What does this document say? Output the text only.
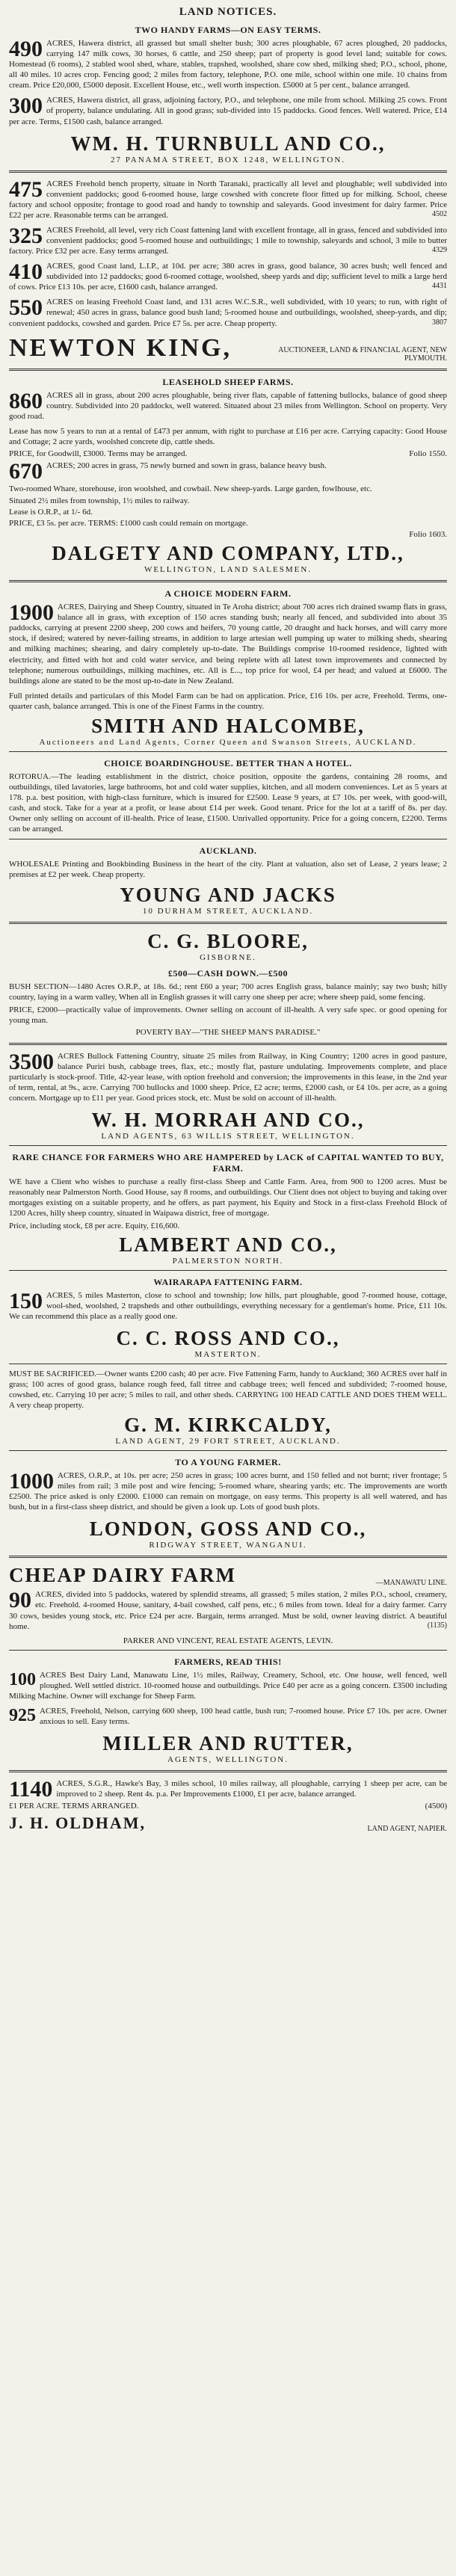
LAND NOTICES.
TWO HANDY FARMS—ON EASY TERMS.
490 ACRES, Hawera district, all grassed but small shelter bush; 300 acres ploughable, 67 acres ploughed, 20 paddocks, carrying 147 milk cows, 30 horses, 6 cattle, and 250 sheep; part of property is good level land; suitable for cows. Homestead (6 rooms), 2 stabled wool shed, whare, stables, trapshed, woolshed, share cow shed, milking shed; P.O., school, phone, all 40 miles. 10 acres crop. Fencing good; 2 miles from factory, telephone, P.O. one mile, school within one mile. 10 chains from cream. Price £20,000, £5000 deposit. Excellent House, etc., well worth inspection. £5000 at 5 per cent., balance arranged.
300 ACRES, Hawera district, all grass, adjoining factory, P.O., and telephone, one mile from school. Milking 25 cows. Front of property, balance undulating. All in good grass; sub-divided into 15 paddocks. Good fences. Well watered. Price, £14 per acre. Terms, £1500 cash, balance arranged.
WM. H. TURNBULL AND CO.,
27 PANAMA STREET, BOX 1248, WELLINGTON.
475 ACRES Freehold bench property, situate in North Taranaki, practically all level and ploughable; well subdivided into convenient paddocks; good 6-roomed house, large cowshed with concrete floor fitted up for milking. School, cheese factory and school opposite; frontage to good road and handy to township and saleyards. Good investment for dairy farmer. Price £22 per acre. Reasonable terms can be arranged.	4502
325 ACRES Freehold, all level, very rich Coast fattening land with excellent frontage, all in grass, fenced and subdivided into convenient paddocks; good 5-roomed house and outbuildings; 1 mile to township, saleyards and school, 3 mile to butter factory. Price £32 per acre. Easy terms arranged.	4329
410 ACRES, good Coast land, L.I.P., at 10d. per acre; 380 acres in grass, good balance, 30 acres bush; well fenced and subdivided into 12 paddocks; good 6-roomed cottage, woolshed, sheep yards and dip; sufficient level to milk a large herd of cows. Price £13 10s. per acre, £1600 cash, balance arranged.	4431
550 ACRES on leasing Freehold Coast land, and 131 acres W.C.S.R., well subdivided, with 10 years; to run, with right of renewal; 450 acres in grass, balance good bush land; 5-roomed house and outbuildings, woolshed, sheep-yards, and dip; convenient paddocks, cowshed and garden. Price £7 5s. per acre. Cheap property.	3807
NEWTON KING,	AUCTIONEER, LAND & FINANCIAL AGENT, NEW PLYMOUTH.
LEASEHOLD SHEEP FARMS.
860 ACRES all in grass, about 200 acres ploughable, being river flats, capable of fattening bullocks, balance of good sheep country. Subdivided into 20 paddocks, well watered. Situated about 23 miles from Wellington. School on property. Very good road.
Lease has now 5 years to run at a rental of £473 per annum, with right to purchase at £16 per acre. Carrying capacity: Good House and Cottage; 2 acre yards, woolshed concrete dip, cattle sheds.
PRICE, for Goodwill, £3000. Terms may be arranged.	Folio 1550.
670 ACRES; 200 acres in grass, 75 newly burned and sown in grass, balance heavy bush.
Two-roomed Whare, storehouse, iron woolshed, and cowbail. New sheep-yards. Large garden, fowlhouse, etc.
Situated 2½ miles from township, 1½ miles to railway.
Lease is O.R.P., at 1/- 6d.
PRICE, £3 5s. per acre. TERMS: £1000 cash could remain on mortgage.
Folio 1603.
DALGETY AND COMPANY, LTD.,
WELLINGTON, LAND SALESMEN.
A CHOICE MODERN FARM.
1900 ACRES, Dairying and Sheep Country, situated in Te Aroha district; about 700 acres rich drained swamp flats in grass, balance all in grass, with exception of 150 acres standing bush; nearly all fenced, and subdivided into about 35 paddocks, carrying at present 2200 sheep, 200 cows and heifers, 70 young cattle, 20 draught and hack horses, and will carry more stock, if desired; watered by never-failing streams, in addition to large artesian well pumping up water to milking sheds, shearing and milking machines; shearing, and dairy completely up-to-date. The Buildings comprise 10-roomed residence, lighted with electricity, and fitted with hot and cold water service, and being replete with all latest town improvements and connected by telephone; numerous outbuildings, milking machines, etc. All is £..., top price for wool, £4 per head; and valued at £6000. The buildings alone are stated to be the most up-to-date in New Zealand.
Full printed details and particulars of this Model Farm can be had on application. Price, £16 10s. per acre, Freehold. Terms, one-quarter cash, balance arranged. This is one of the Finest Farms in the country.
SMITH AND HALCOMBE,
Auctioneers and Land Agents, Corner Queen and Swanson Streets, AUCKLAND.
CHOICE BOARDINGHOUSE. BETTER THAN A HOTEL.
ROTORUA.—The leading establishment in the district, choice position, opposite the gardens, containing 28 rooms, and outbuildings, tiled lavatories, large bathrooms, hot and cold water supplies, kitchen, and all modern conveniences. Let as 5 years at 178. p.a. best position, with high-class furniture, which is insured for £2500. Lease 9 years, at £7 10s. per week, with good-will, cash, and stock. Take for a year at a profit, or lease about £14 per week. Good tenant. Price for the lot at a tariff of 8s. per day. Owner only selling on account of ill-health. Price of lease, £1500. Unrivalled opportunity. Price for a going concern, £2200. Terms can be arranged.
AUCKLAND.
WHOLESALE Printing and Bookbinding Business in the heart of the city. Plant at valuation, also set of Lease, 2 years lease; 2 premises at £2 per week. Cheap property.
YOUNG AND JACKS
10 DURHAM STREET, AUCKLAND.
C. G. BLOORE,
GISBORNE.
£500—CASH DOWN.—£500
BUSH SECTION—1480 Acres O.R.P., at 18s. 6d.; rent £60 a year; 700 acres English grass, balance mainly; say two bush; hilly country, laying in a warm valley, When all in English grasses it will carry one sheep per acre; where sheep paid, some fencing.
PRICE, £2000—practically value of improvements. Owner selling on account of ill-health. A very safe spec. or good opening for young man.
POVERTY BAY—"THE SHEEP MAN'S PARADISE."
3500 ACRES Bullock Fattening Country, situate 25 miles from Railway, in King Country; 1200 acres in good pasture, balance Puriri bush, cabbage trees, flax, etc.; mostly flat, pasture undulating. Improvements complete, and place particularly is stock-proof. Title, 42-year lease, with option freehold and conversion; the improvements in this lease, in the 2nd year of term, rental, at 9s., acre. Carrying 700 bullocks and 1000 sheep. Price, £2 acre; terms, £2000 cash, or £4 10s. per acre, as a going concern. Mortgage up to £11 per year. Good prices stock, etc. Must be sold on account of ill-health.
W. H. MORRAH AND CO.,
LAND AGENTS, 63 WILLIS STREET, WELLINGTON.
RARE CHANCE FOR FARMERS WHO ARE HAMPERED by LACK of CAPITAL WANTED TO BUY, FARM.
WE have a Client who wishes to purchase a really first-class Sheep and Cattle Farm. Area, from 900 to 1200 acres. Must be reasonably near Palmerston North. Good House, say 8 rooms, and outbuildings. Our Client does not object to buying and taking over mortgages existing on a suitable property, and he offers, as part payment, his Equity and Stock in a first-class Freehold Block of 1200 Acres, hilly sheep country, situated in Waipawa district, free of mortgage.
Price, including stock, £8 per acre. Equity, £16,600.
LAMBERT AND CO.,
PALMERSTON NORTH.
WAIRARAPA FATTENING FARM.
150 ACRES, 5 miles Masterton, close to school and township; low hills, part ploughable, good 7-roomed house, cottage, wool-shed, woolshed, 2 trapsheds and other outbuildings, everything necessary for a gentleman's home. Price, £11 10s. We can recommend this place as a really good one.
C. C. ROSS AND CO.,
MASTERTON.
MUST BE SACRIFICED.—Owner wants £200 cash; 40 per acre. Five Fattening Farm, handy to Auckland; 360 ACRES over half in grass; 100 acres of good grass, balance rough feed, fall titree and cabbage trees; well fenced and subdivided; 7-roomed house, cowshed, etc. Carrying 10 per acre; 5 miles to rail, and other sheds. CARRYING 100 HEAD CATTLE AND DOES THEM WELL. A very cheap property.
G. M. KIRKCALDY,
LAND AGENT, 29 FORT STREET, AUCKLAND.
TO A YOUNG FARMER.
1000 ACRES, O.R.P., at 10s. per acre; 250 acres in grass; 100 acres burnt, and 150 felled and not burnt; river frontage; 5 miles from rail; 3 mile post and wire fencing; 5-roomed whare, shearing yards; etc. The improvements are worth £2500. The price asked is only £2000. £1000 can remain on mortgage, on easy terms. This property is all well watered, and has bush, but in a first-class sheep district, and should be given a look up. Lots of good bush plots.
LONDON, GOSS AND CO.,
RIDGWAY STREET, WANGANUI.
CHEAP DAIRY FARM	—MANAWATU LINE.
90 ACRES, divided into 5 paddocks, watered by splendid streams, all grassed; 5 miles station, 2 miles P.O., school, creamery, etc. Freehold. 4-roomed House, sanitary, 4-bail cowshed, calf pens, etc.; 6 miles from town. Ideal for a dairy farmer. Carry 30 cows, besides young stock, etc. Price £24 per acre. Bargain, terms arranged. Must be sold, owner leaving district. A beautiful home.	(1135)
PARKER AND VINCENT, REAL ESTATE AGENTS, LEVIN.
FARMERS, READ THIS!
100 ACRES Best Dairy Land, Manawatu Line, 1½ miles, Railway, Creamery, School, etc. One house, well fenced, well ploughed. Well settled district. 10-roomed house and outbuildings. Price £40 per acre as a going concern. £3500 including Milking Machine. Owner will exchange for Sheep Farm.
925 ACRES, Freehold, Nelson, carrying 600 sheep, 100 head cattle, bush run; 7-roomed house. Price £7 10s. per acre. Owner anxious to sell. Easy terms.
MILLER AND RUTTER,
AGENTS, WELLINGTON.
1140 ACRES, S.G.R., Hawke's Bay, 3 miles school, 10 miles railway, all ploughable, carrying 1 sheep per acre, can be improved to 2 sheep. Rent 4s. p.a. Per Improvements £1000, £1 per acre, balance arranged.
£1 PER ACRE. TERMS ARRANGED.	(4500)
J. H. OLDHAM,	LAND AGENT, NAPIER.
